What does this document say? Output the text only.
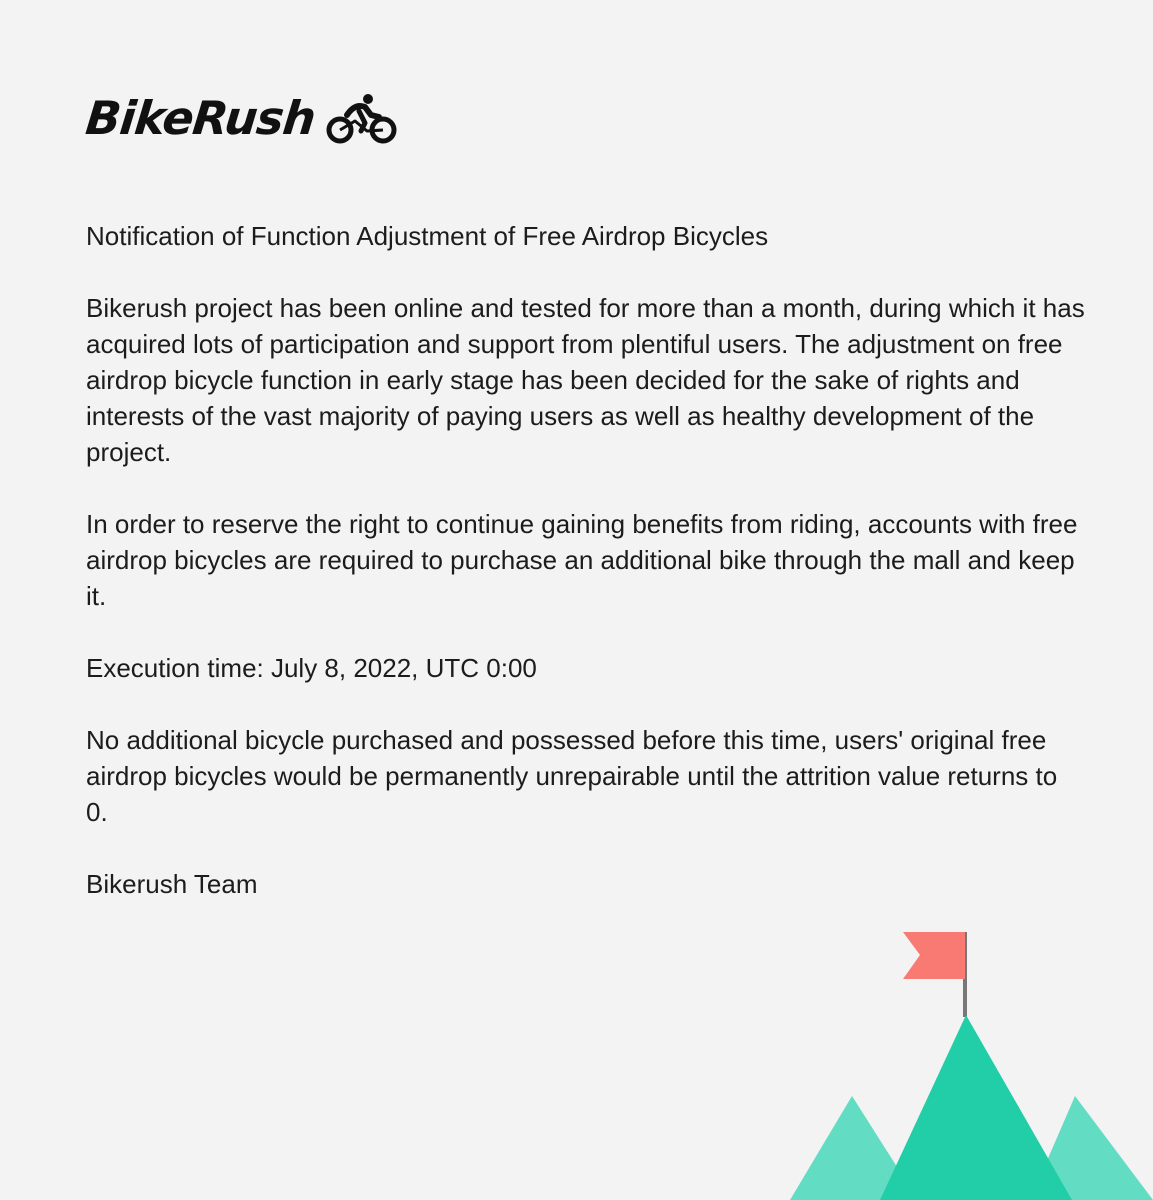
BikeRush

Notification of Function Adjustment of Free Airdrop Bicycles

Bikerush project has been online and tested for more than a month, during which it has acquired lots of participation and support from plentiful users. The adjustment on free airdrop bicycle function in early stage has been decided for the sake of rights and interests of the vast majority of paying users as well as healthy development of the project.

In order to reserve the right to continue gaining benefits from riding, accounts with free airdrop bicycles are required to purchase an additional bike through the mall and keep it.

Execution time: July 8, 2022, UTC 0:00

No additional bicycle purchased and possessed before this time, users' original free airdrop bicycles would be permanently unrepairable until the attrition value returns to 0.

Bikerush Team
